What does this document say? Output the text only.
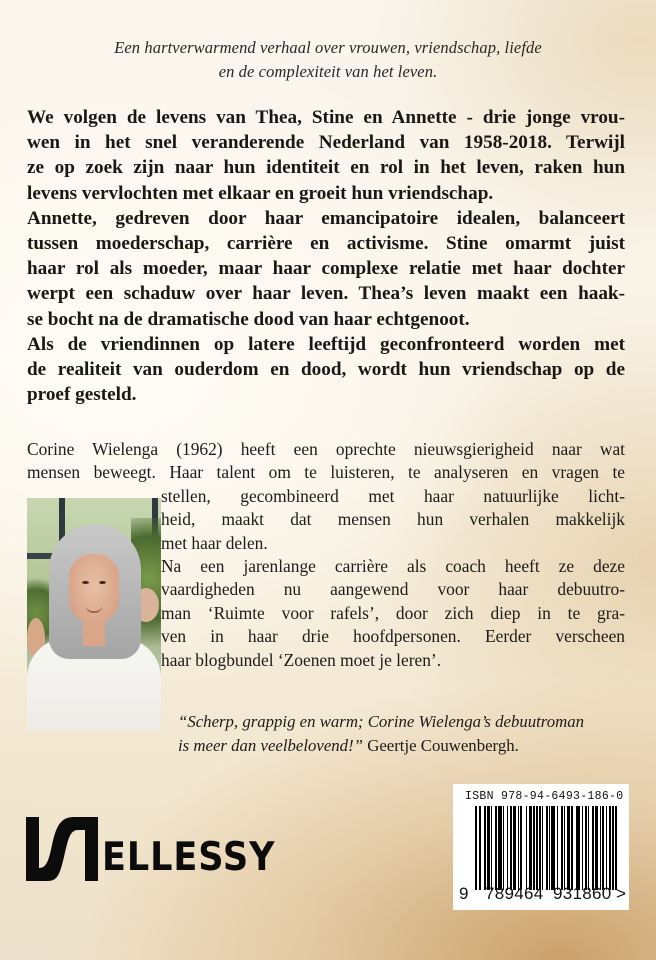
Een hartverwarmend verhaal over vrouwen, vriendschap, liefde
en de complexiteit van het leven.
We volgen de levens van Thea, Stine en Annette - drie jonge vrou-
wen in het snel veranderende Nederland van 1958-2018. Terwijl
ze op zoek zijn naar hun identiteit en rol in het leven, raken hun
levens vervlochten met elkaar en groeit hun vriendschap.
Annette, gedreven door haar emancipatoire idealen, balanceert
tussen moederschap, carrière en activisme. Stine omarmt juist
haar rol als moeder, maar haar complexe relatie met haar dochter
werpt een schaduw over haar leven. Thea’s leven maakt een haak-
se bocht na de dramatische dood van haar echtgenoot.
Als de vriendinnen op latere leeftijd geconfronteerd worden met
de realiteit van ouderdom en dood, wordt hun vriendschap op de
proef gesteld.
Corine Wielenga (1962) heeft een oprechte nieuwsgierigheid naar wat
mensen beweegt. Haar talent om te luisteren, te analyseren en vragen te
stellen, gecombineerd met haar natuurlijke licht-
heid, maakt dat mensen hun verhalen makkelijk
met haar delen.
Na een jarenlange carrière als coach heeft ze deze
vaardigheden nu aangewend voor haar debuutro-
man ‘Ruimte voor rafels’, door zich diep in te gra-
ven in haar drie hoofdpersonen. Eerder verscheen
haar blogbundel ‘Zoenen moet je leren’.
“Scherp, grappig en warm; Corine Wielenga’s debuutroman
is meer dan veelbelovend!” Geertje Couwenbergh.
ISBN 978-94-6493-186-0
9 789464 931860 >
ELLESSY
